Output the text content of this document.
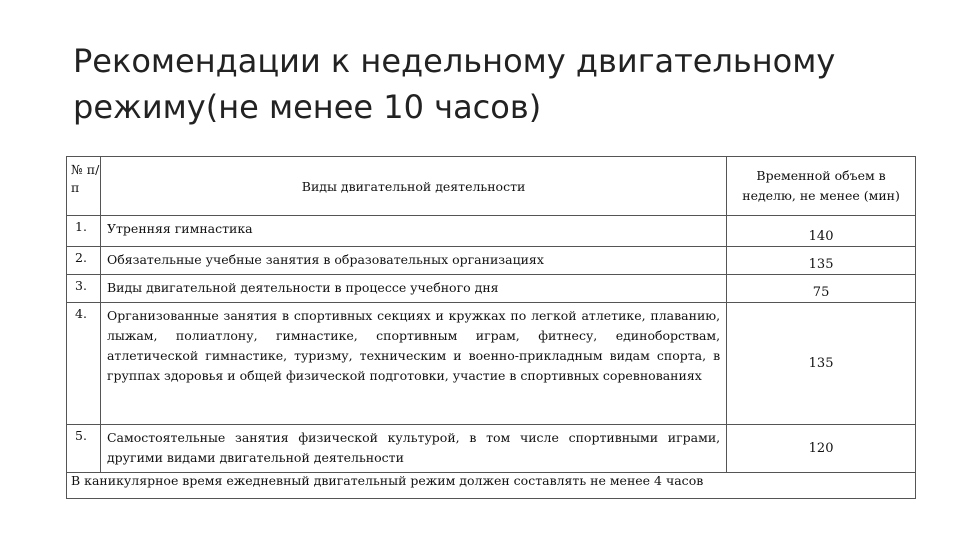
Рекомендации к недельному двигательному режиму(не менее 10 часов)
№ п/п	Виды двигательной деятельности	Временной объем в неделю, не менее (мин)
1.	Утренняя гимнастика	140
2.	Обязательные учебные занятия в образовательных организациях	135
3.	Виды двигательной деятельности в процессе учебного дня	75
4.	Организованные занятия в спортивных секциях и кружках по легкой атлетике, плаванию, лыжам, полиатлону, гимнастике, спортивным играм, фитнесу, единоборствам, атлетической гимнастике, туризму, техническим и военно-прикладным видам спорта, в группах здоровья и общей физической подготовки, участие в спортивных соревнованиях	135
5.	Самостоятельные занятия физической культурой, в том числе спортивными играми, другими видами двигательной деятельности	120
В каникулярное время ежедневный двигательный режим должен составлять не менее 4 часов		
